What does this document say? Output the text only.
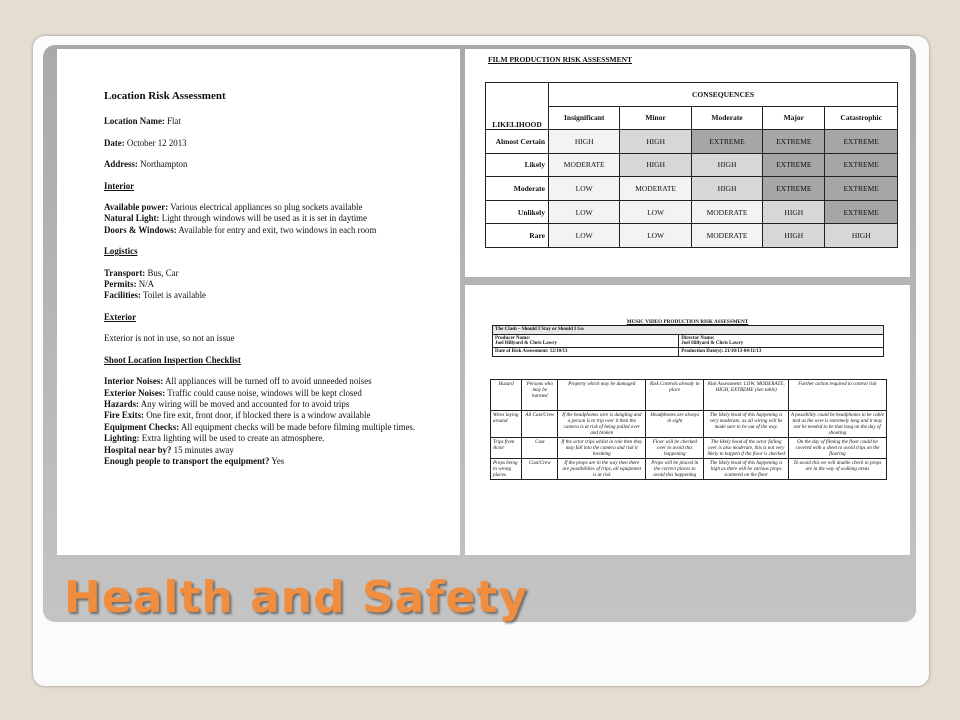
Location Risk Assessment

Location Name: Flat

Date: October 12 2013

Address: Northampton

Interior

Available power: Various electrical appliances so plug sockets available

Natural Light: Light through windows will be used as it is set in daytime

Doors & Windows: Available for entry and exit, two windows in each room

Logistics

Transport: Bus, Car

Permits: N/A

Facilities: Toilet is available

Exterior

Exterior is not in use, so not an issue

Shoot Location Inspection Checklist

Interior Noises: All appliances will be turned off to avoid unneeded noises

Exterior Noises: Traffic could cause noise, windows will be kept closed

Hazards: Any wiring will be moved and accounted for to avoid trips

Fire Exits: One fire exit, front door, if blocked there is a window available

Equipment Checks: All equipment checks will be made before filming multiple times.

Lighting: Extra lighting will be used to create an atmosphere.

Hospital near by? 15 minutes away

Enough people to transport the equipment? Yes

FILM PRODUCTION RISK ASSESSMENT
LIKELIHOOD	CONSEQUENCES				
	Insignificant	Minor	Moderate	Major	Catastrophic
Almost Certain	HIGH	HIGH	EXTREME	EXTREME	EXTREME
Likely	MODERATE	HIGH	HIGH	EXTREME	EXTREME
Moderate	LOW	MODERATE	HIGH	EXTREME	EXTREME
Unlikely	LOW	LOW	MODERATE	HIGH	EXTREME
Rare	LOW	LOW	MODERATE	HIGH	HIGH
MUSIC VIDEO PRODUCTION RISK ASSESSMENT
The Clash – Should I Stay or Should I Go	
Producer Name:
Joel Hillyard & Chris Lawry	Director Name:
Joel Hillyard & Chris Lawry
Date of Risk Assessment: 12/10/13	Production Date(s): 21/10/13-04/11/13
Hazard	Persons who may be harmed	Property which may be damaged	Risk Controls already in place	Risk Assessment: LOW, MODERATE, HIGH, EXTREME (See table)	Further action required to control risk
Wires laying around	All Cast/Crew	If the headphones wire is dangling and a person is to trip over it then the camera is at risk of being pulled over and broken	Headphones are always in sight	The likely hood of this happening is very moderate, as all wiring will be made sure to be out of the way.	A possibility could be headphones to be cable tied as the wire is extremely long and it may not be needed to be that long on the day of shooting
Trips from Actor	Cast	If the actor trips whilst in role then they may fall into the camera and risk it breaking	Floor will be checked over to avoid this happening	The likely hood of the actor falling over is also moderate, this is not very likely to happen if the floor is checked	On the day of filming the floor could be covered with a sheet to avoid trips on the flooring
Props being in wrong places	Cast/Crew	If the props are in the way then there are possibilities of trips, all equipment is at risk	Props will be placed in the correct places to avoid this happening	The likely hood of this happening is high as there will be various props scattered on the floor	To avoid this we will double check to props are in the way of walking areas
Health and Safety
